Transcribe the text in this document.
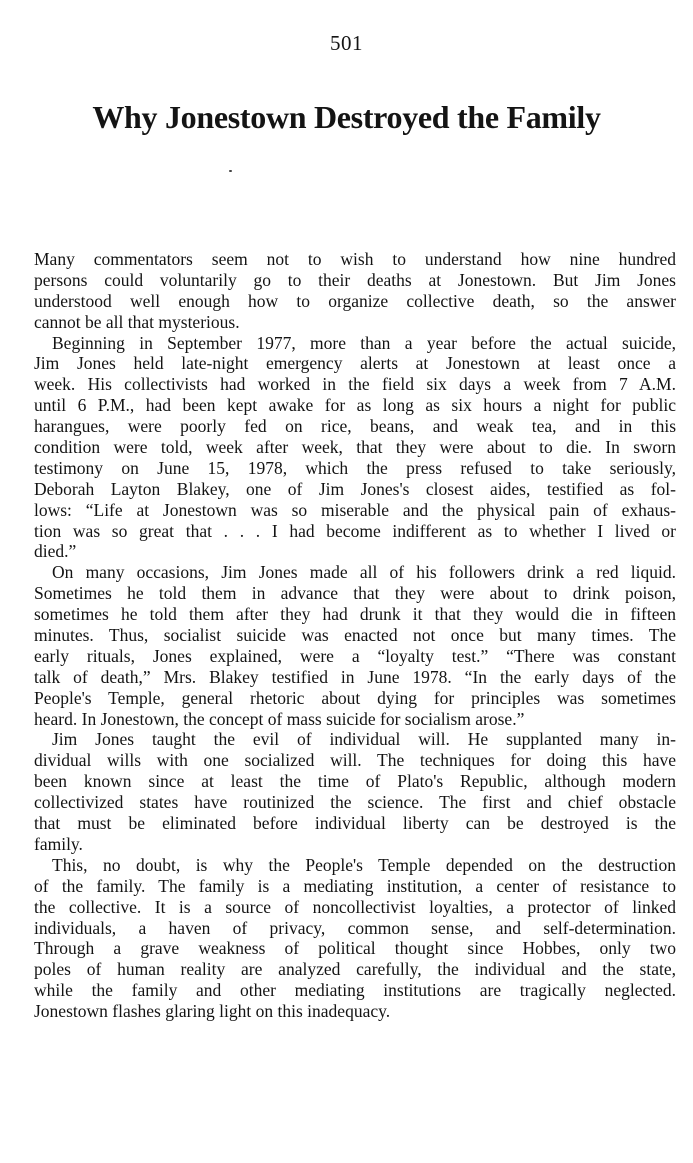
501
Why Jonestown Destroyed the Family
Many commentators seem not to wish to understand how nine hundred
persons could voluntarily go to their deaths at Jonestown. But Jim Jones
understood well enough how to organize collective death, so the answer
cannot be all that mysterious.
Beginning in September 1977, more than a year before the actual suicide,
Jim Jones held late-night emergency alerts at Jonestown at least once a
week. His collectivists had worked in the field six days a week from 7 A.M.
until 6 P.M., had been kept awake for as long as six hours a night for public
harangues, were poorly fed on rice, beans, and weak tea, and in this
condition were told, week after week, that they were about to die. In sworn
testimony on June 15, 1978, which the press refused to take seriously,
Deborah Layton Blakey, one of Jim Jones's closest aides, testified as fol-
lows: “Life at Jonestown was so miserable and the physical pain of exhaus-
tion was so great that . . . I had become indifferent as to whether I lived or
died.”
On many occasions, Jim Jones made all of his followers drink a red liquid.
Sometimes he told them in advance that they were about to drink poison,
sometimes he told them after they had drunk it that they would die in fifteen
minutes. Thus, socialist suicide was enacted not once but many times. The
early rituals, Jones explained, were a “loyalty test.” “There was constant
talk of death,” Mrs. Blakey testified in June 1978. “In the early days of the
People's Temple, general rhetoric about dying for principles was sometimes
heard. In Jonestown, the concept of mass suicide for socialism arose.”
Jim Jones taught the evil of individual will. He supplanted many in-
dividual wills with one socialized will. The techniques for doing this have
been known since at least the time of Plato's Republic, although modern
collectivized states have routinized the science. The first and chief obstacle
that must be eliminated before individual liberty can be destroyed is the
family.
This, no doubt, is why the People's Temple depended on the destruction
of the family. The family is a mediating institution, a center of resistance to
the collective. It is a source of noncollectivist loyalties, a protector of linked
individuals, a haven of privacy, common sense, and self-determination.
Through a grave weakness of political thought since Hobbes, only two
poles of human reality are analyzed carefully, the individual and the state,
while the family and other mediating institutions are tragically neglected.
Jonestown flashes glaring light on this inadequacy.
